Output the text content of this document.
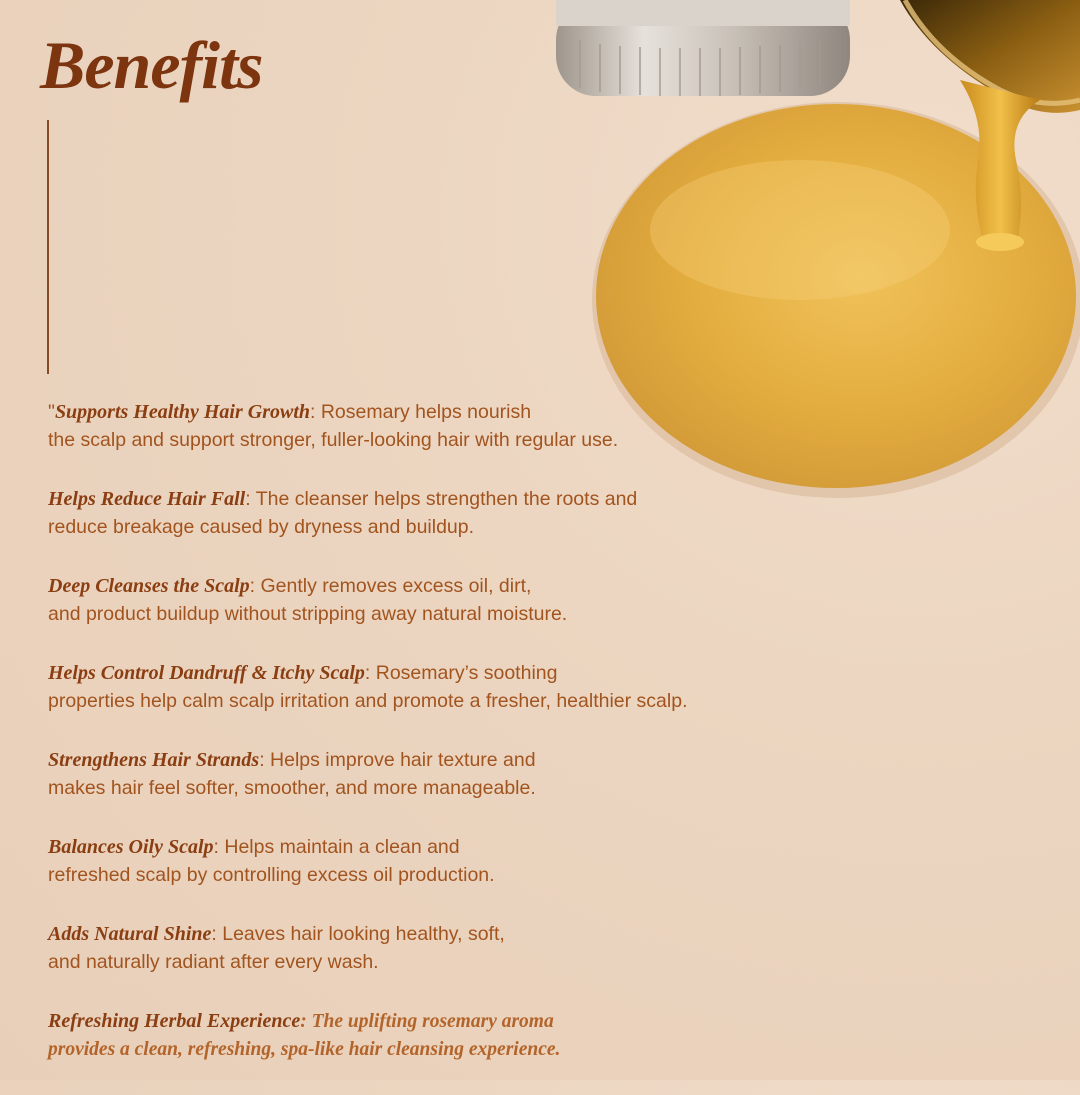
Benefits

"Supports Healthy Hair Growth: Rosemary helps nourish
the scalp and support stronger, fuller-looking hair with regular use.

Helps Reduce Hair Fall: The cleanser helps strengthen the roots and
reduce breakage caused by dryness and buildup.

Deep Cleanses the Scalp: Gently removes excess oil, dirt,
and product buildup without stripping away natural moisture.

Helps Control Dandruff & Itchy Scalp: Rosemary’s soothing
properties help calm scalp irritation and promote a fresher, healthier scalp.

Strengthens Hair Strands: Helps improve hair texture and
makes hair feel softer, smoother, and more manageable.

Balances Oily Scalp: Helps maintain a clean and
refreshed scalp by controlling excess oil production.

Adds Natural Shine: Leaves hair looking healthy, soft,
and naturally radiant after every wash.

Refreshing Herbal Experience: The uplifting rosemary aroma
provides a clean, refreshing, spa-like hair cleansing experience.
